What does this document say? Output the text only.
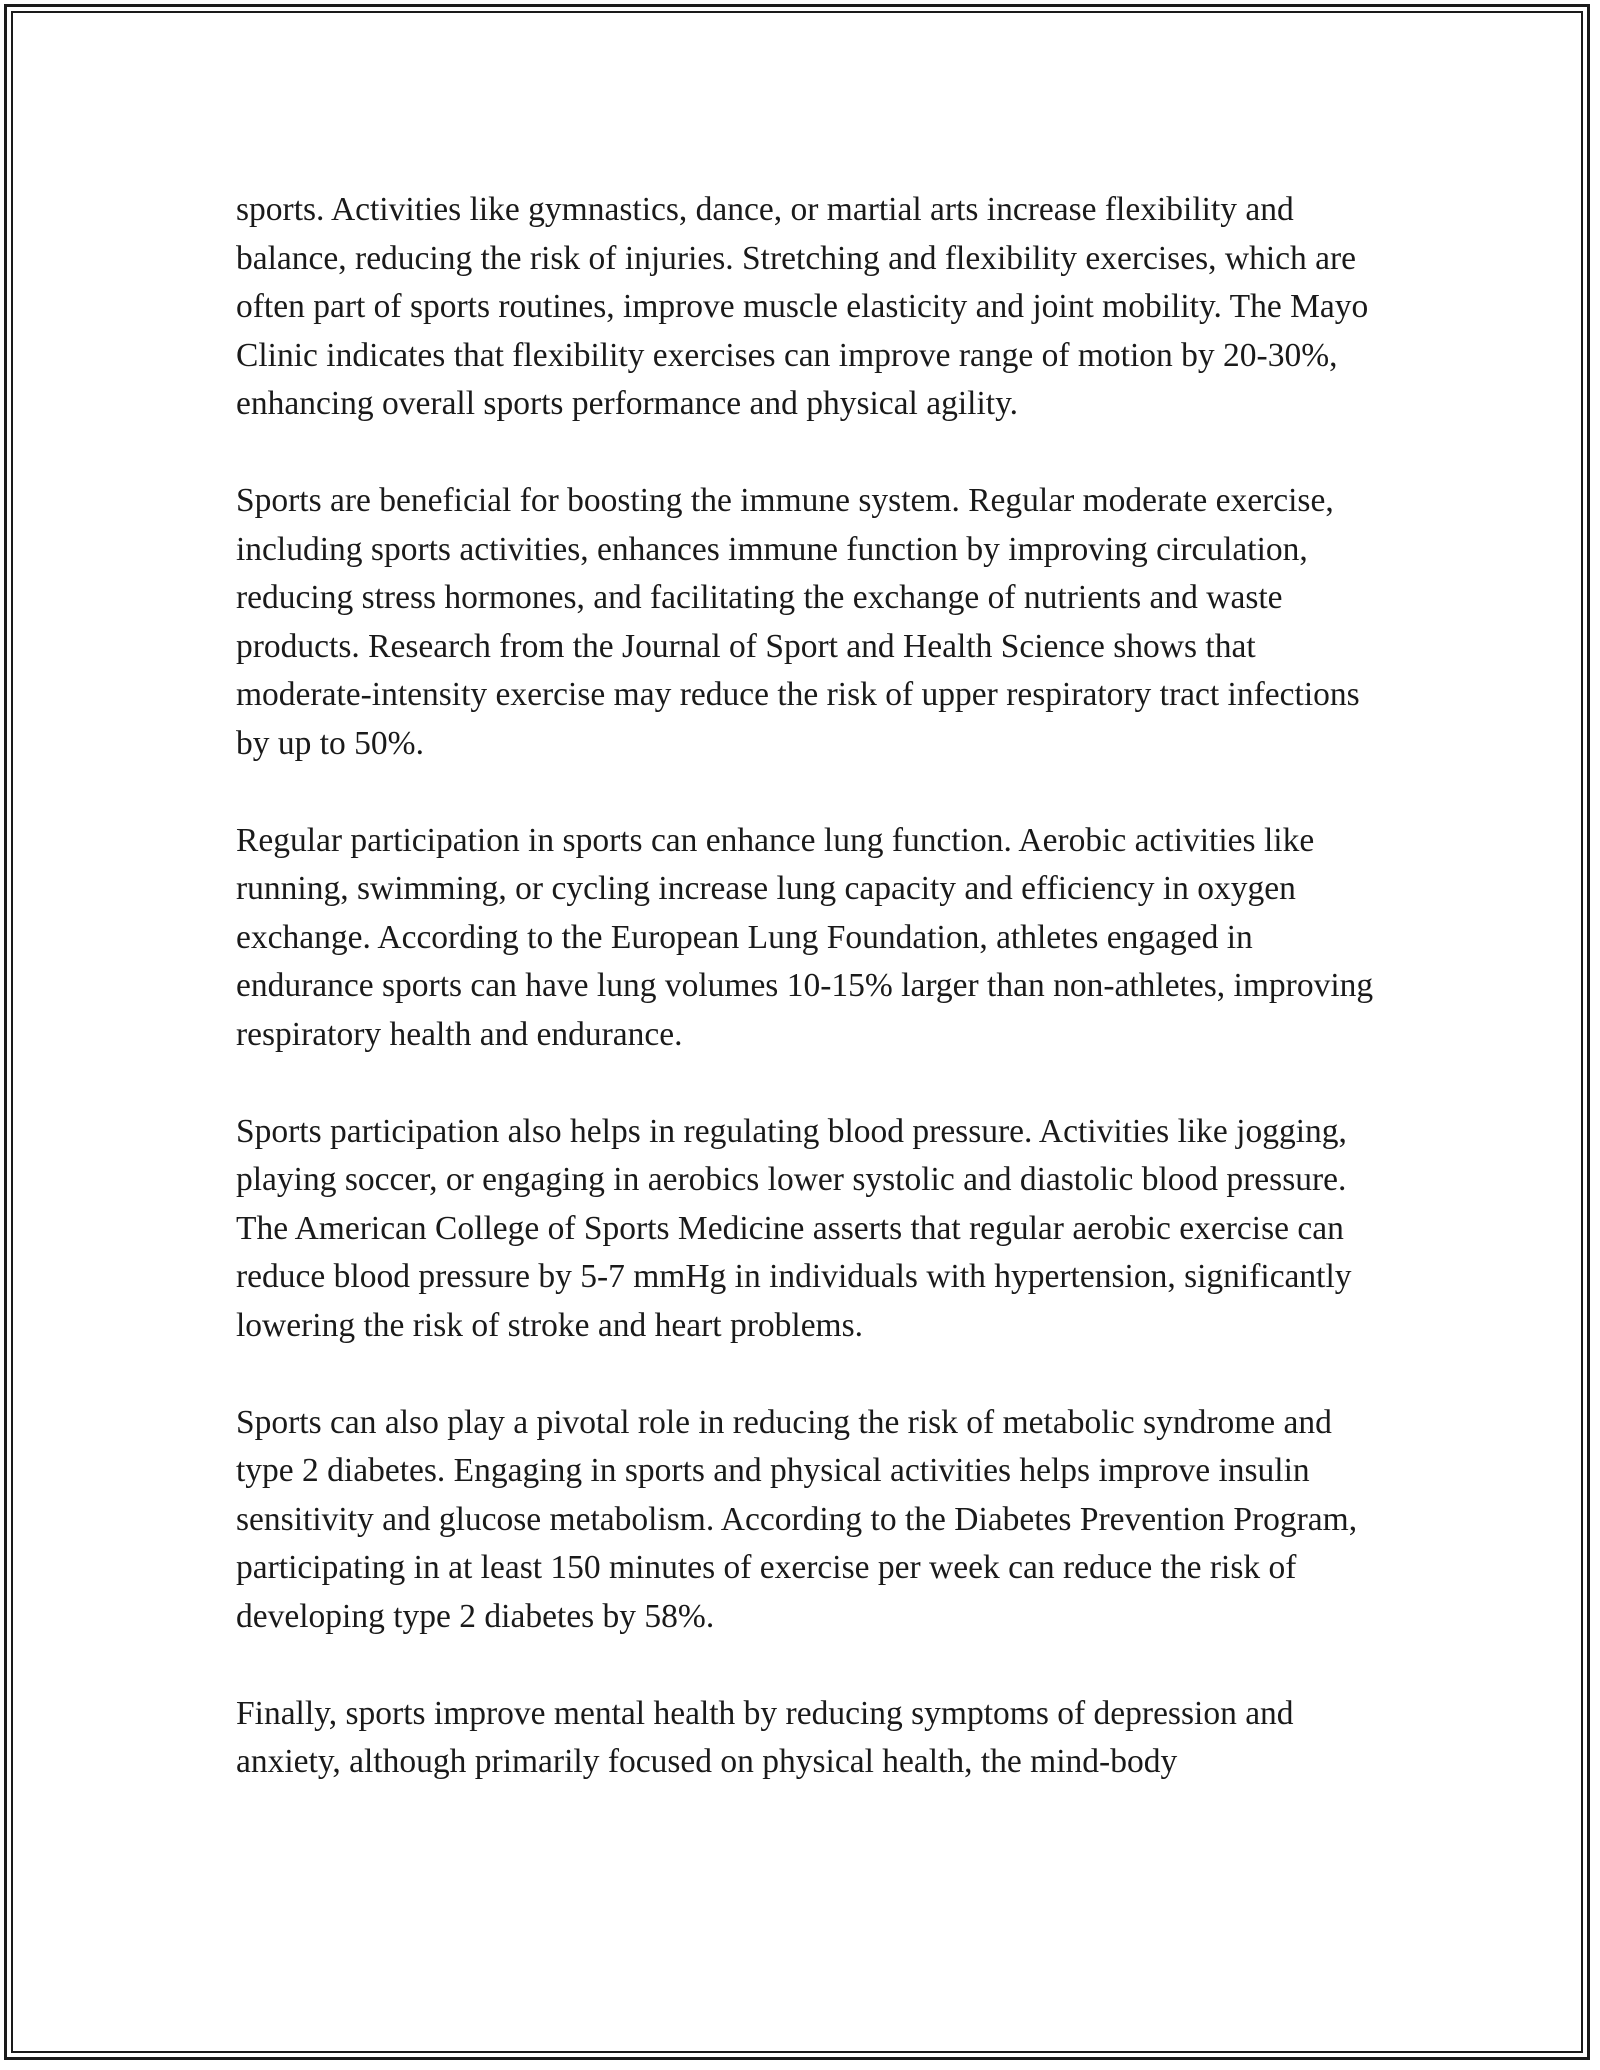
sports. Activities like gymnastics, dance, or martial arts increase flexibility and balance, reducing the risk of injuries. Stretching and flexibility exercises, which are often part of sports routines, improve muscle elasticity and joint mobility. The Mayo Clinic indicates that flexibility exercises can improve range of motion by 20-30%, enhancing overall sports performance and physical agility.

Sports are beneficial for boosting the immune system. Regular moderate exercise, including sports activities, enhances immune function by improving circulation, reducing stress hormones, and facilitating the exchange of nutrients and waste products. Research from the Journal of Sport and Health Science shows that moderate-intensity exercise may reduce the risk of upper respiratory tract infections by up to 50%.

Regular participation in sports can enhance lung function. Aerobic activities like running, swimming, or cycling increase lung capacity and efficiency in oxygen exchange. According to the European Lung Foundation, athletes engaged in endurance sports can have lung volumes 10-15% larger than non-athletes, improving respiratory health and endurance.

Sports participation also helps in regulating blood pressure. Activities like jogging, playing soccer, or engaging in aerobics lower systolic and diastolic blood pressure. The American College of Sports Medicine asserts that regular aerobic exercise can reduce blood pressure by 5-7 mmHg in individuals with hypertension, significantly lowering the risk of stroke and heart problems.

Sports can also play a pivotal role in reducing the risk of metabolic syndrome and type 2 diabetes. Engaging in sports and physical activities helps improve insulin sensitivity and glucose metabolism. According to the Diabetes Prevention Program, participating in at least 150 minutes of exercise per week can reduce the risk of developing type 2 diabetes by 58%.

Finally, sports improve mental health by reducing symptoms of depression and anxiety, although primarily focused on physical health, the mind-body
